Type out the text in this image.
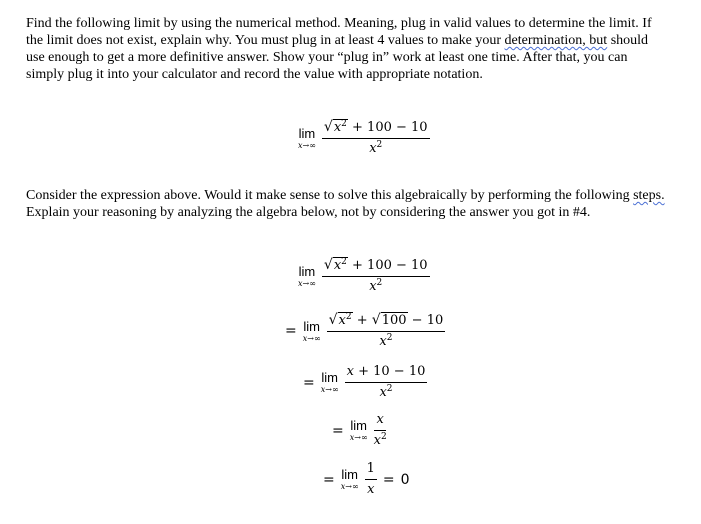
Find the following limit by using the numerical method. Meaning, plug in valid values to determine the limit. If the limit does not exist, explain why. You must plug in at least 4 values to make your determination, but should use enough to get a more definitive answer. Show your “plug in” work at least one time. After that, you can simply plug it into your calculator and record the value with appropriate notation.

lim
$x\to\infty \frac{√ x^2 + 100 - 10}{x^2}$

Consider the expression above. Would it make sense to solve this algebraically by performing the following steps. Explain your reasoning by analyzing the algebra below, not by considering the answer you got in #4.

lim
$x\to\infty \frac{√ x^2 + 100 - 10}{x^2}$
= lim
$x\to\infty \frac{√ x^2 + √ 100 - 10}{x^2}$
= lim
$x\to\infty \frac{x + 10 - 10}{x^2}$
= lim
$x\to\infty \frac{x}{x^2}$
= lim
$x\to\infty \frac{1}{x} = 0$
